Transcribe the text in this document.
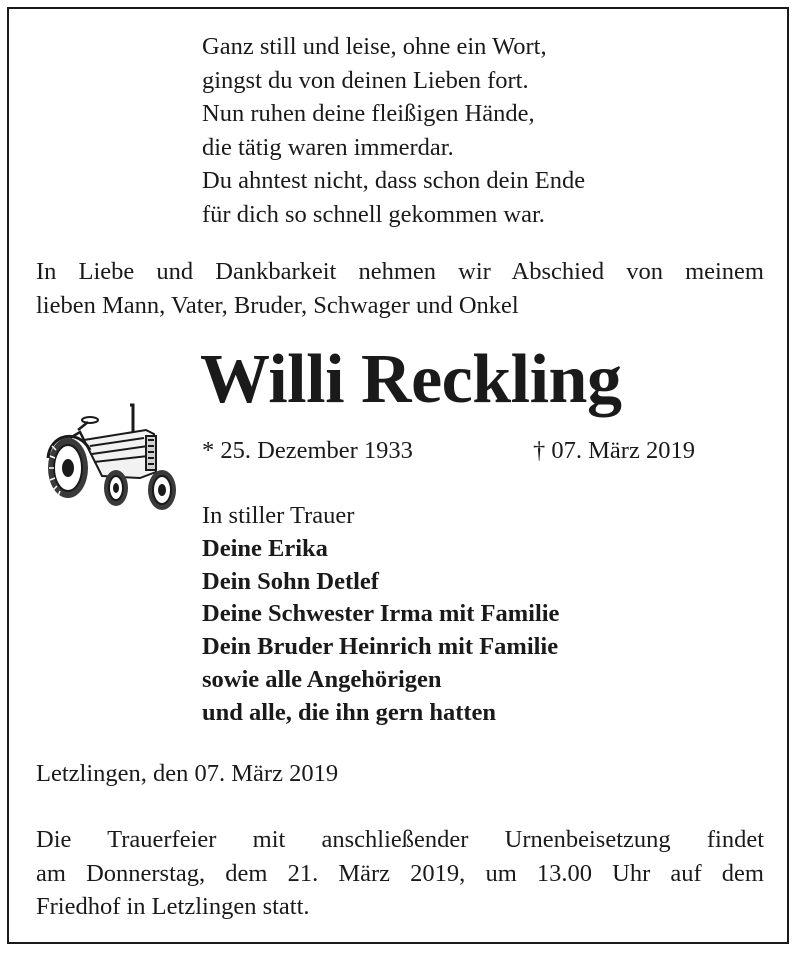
Ganz still und leise, ohne ein Wort,
gingst du von deinen Lieben fort.
Nun ruhen deine fleißigen Hände,
die tätig waren immerdar.
Du ahntest nicht, dass schon dein Ende
für dich so schnell gekommen war.
In Liebe und Dankbarkeit nehmen wir Abschied von meinem
lieben Mann, Vater, Bruder, Schwager und Onkel
Willi Reckling
* 25. Dezember 1933	† 07. März 2019
In stiller Trauer
Deine Erika
Dein Sohn Detlef
Deine Schwester Irma mit Familie
Dein Bruder Heinrich mit Familie
sowie alle Angehörigen
und alle, die ihn gern hatten
Letzlingen, den 07. März 2019
Die Trauerfeier mit anschließender Urnenbeisetzung findet
am Donnerstag, dem 21. März 2019, um 13.00 Uhr auf dem
Friedhof in Letzlingen statt.
